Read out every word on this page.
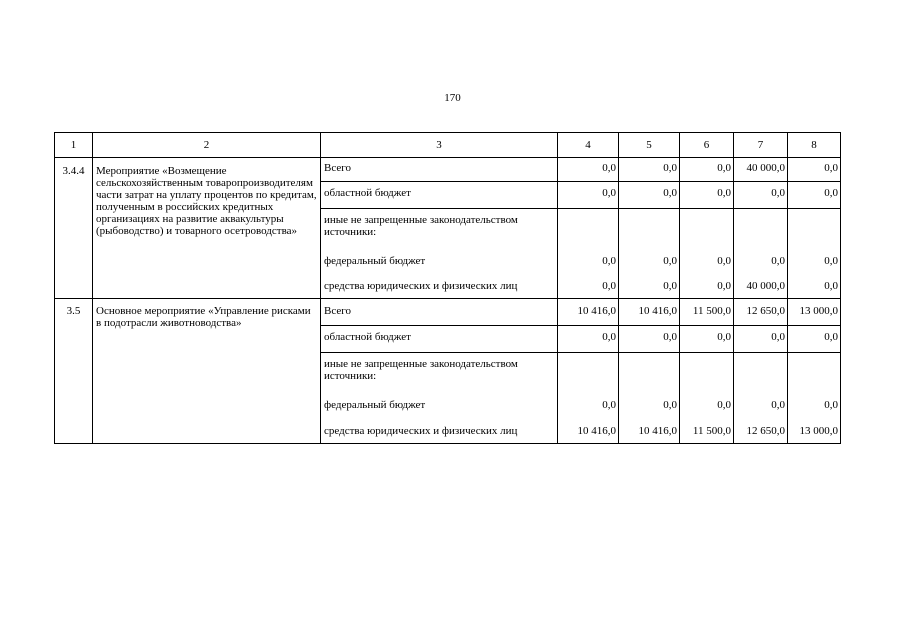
170
1	2	3	4	5	6	7	8
3.4.4	Мероприятие «Возмещение сельскохозяйственным товаропроизводителям части затрат на уплату процентов по кредитам, полученным в российских кредитных организациях на развитие аквакультуры (рыбоводство) и товарного осетроводства»	Всего	0,0	0,0	0,0	40 000,0	0,0
		областной бюджет	0,0	0,0	0,0	0,0	0,0
		иные не запрещенные законодательством источники:					
		федеральный бюджет	0,0	0,0	0,0	0,0	0,0
		средства юридических и физических лиц	0,0	0,0	0,0	40 000,0	0,0
3.5	Основное мероприятие «Управление рисками в подотрасли животноводства»	Всего	10 416,0	10 416,0	11 500,0	12 650,0	13 000,0
		областной бюджет	0,0	0,0	0,0	0,0	0,0
		иные не запрещенные законодательством источники:					
		федеральный бюджет	0,0	0,0	0,0	0,0	0,0
		средства юридических и физических лиц	10 416,0	10 416,0	11 500,0	12 650,0	13 000,0
